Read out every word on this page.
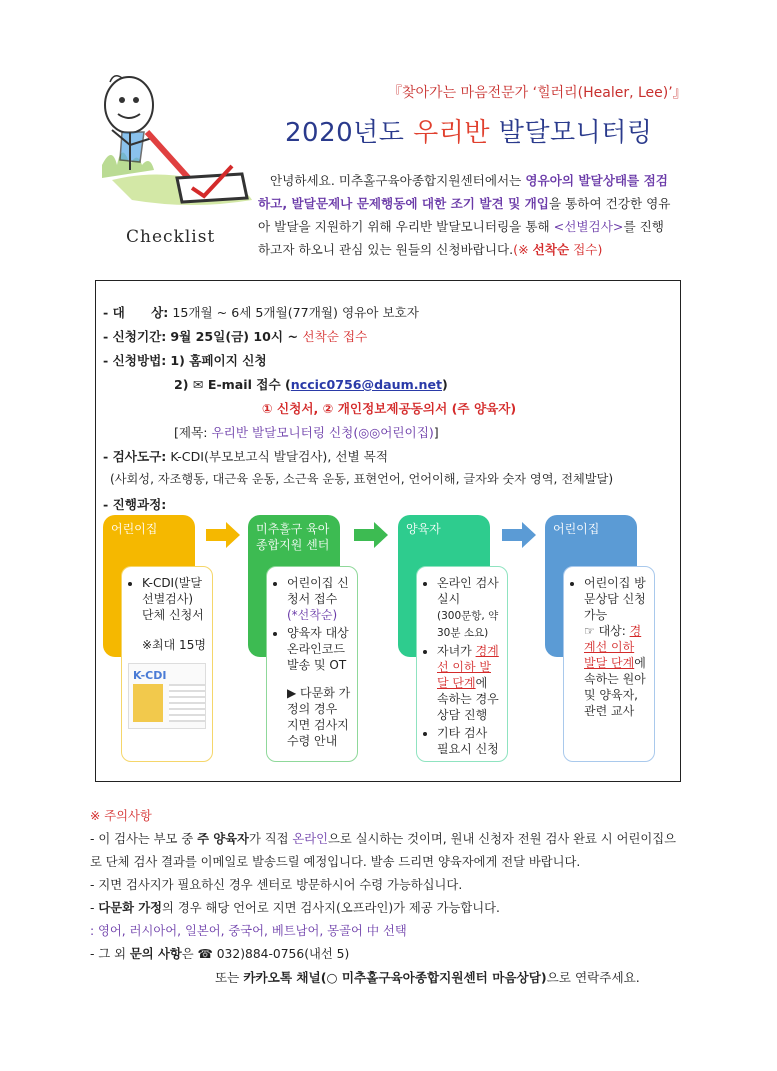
『찾아가는 마음전문가 ‘힐러리(Healer, Lee)’』
2020년도 우리반 발달모니터링
Checklist
안녕하세요. 미추홀구육아종합지원센터에서는 영유아의 발달상태를 점검하고, 발달문제나 문제행동에 대한 조기 발견 및 개입을 통하여 건강한 영유아 발달을 지원하기 위해 우리반 발달모니터링을 통해 <선별검사>를 진행하고자 하오니 관심 있는 원들의 신청바랍니다.(※ 선착순 접수)
- 대      상: 15개월 ~ 6세 5개월(77개월) 영유아 보호자
- 신청기간: 9월 25일(금) 10시 ~ 선착순 접수
- 신청방법: 1) 홈페이지 신청
2) ✉ E-mail 접수 (nccic0756@daum.net)
① 신청서, ② 개인정보제공동의서 (주 양육자)
[제목: 우리반 발달모니터링 신청(◎◎어린이집)]
- 검사도구: K-CDI(부모보고식 발달검사), 선별 목적
(사회성, 자조행동, 대근육 운동, 소근육 운동, 표현언어, 언어이해, 글자와 숫자 영역, 전체발달)
- 진행과정:
어린이집
• K-CDI(발달 선별검사) 단체 신청서
※최대 15명
K-CDI
미추홀구 육아종합지원 센터
• 어린이집 신청서 접수
(*선착순)
• 양육자 대상 온라인코드 발송 및 OT
▶ 다문화 가정의 경우 지면 검사지 수령 안내
양육자
• 온라인 검사 실시
(300문항, 약 30분 소요)
• 자녀가 경계선 이하 발달 단계에 속하는 경우 상담 진행
• 기타 검사 필요시 신청
어린이집
• 어린이집 방문상담 신청 가능
☞ 대상: 경계선 이하 발달 단계에 속하는 원아 및 양육자, 관련 교사
※ 주의사항
- 이 검사는 부모 중 주 양육자가 직접 온라인으로 실시하는 것이며, 원내 신청자 전원 검사 완료 시 어린이집으
로 단체 검사 결과를 이메일로 발송드릴 예정입니다. 발송 드리면 양육자에게 전달 바랍니다.
- 지면 검사지가 필요하신 경우 센터로 방문하시어 수령 가능하십니다.
- 다문화 가정의 경우 해당 언어로 지면 검사지(오프라인)가 제공 가능합니다.
: 영어, 러시아어, 일본어, 중국어, 베트남어, 몽골어 中 선택
- 그 외 문의 사항은 ☎ 032)884-0756(내선 5)
또는 카카오톡 채널(○ 미추홀구육아종합지원센터 마음상담)으로 연락주세요.
